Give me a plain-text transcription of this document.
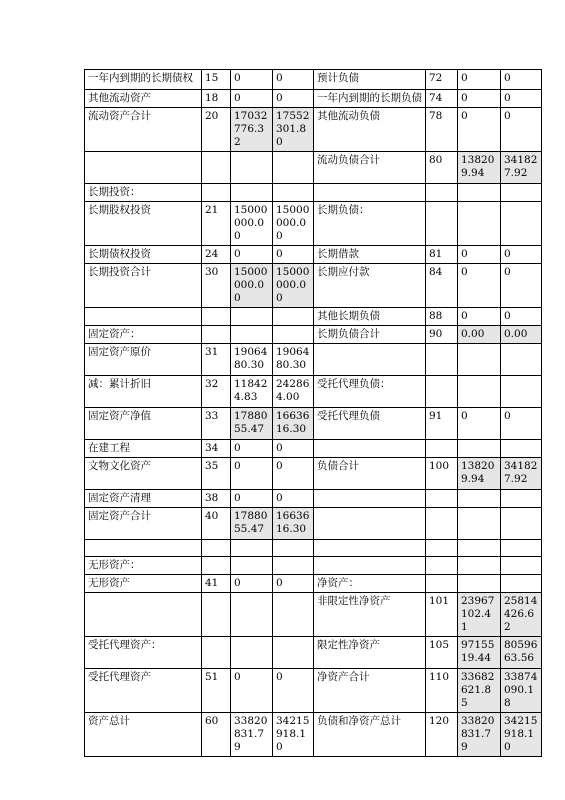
一年内到期的长期债权	15	0	0	预计负债	72	0	0
其他流动资产	18	0	0	一年内到期的长期负债	74	0	0
流动资产合计	20	17032776.32	17552301.80	其他流动负债	78	0	0
				流动负债合计	80	138209.94	341827.92
长期投资：							
长期股权投资	21	15000000.00	15000000.00	长期负债：			
长期债权投资	24	0	0	长期借款	81	0	0
长期投资合计	30	15000000.00	15000000.00	长期应付款	84	0	0
				其他长期负债	88	0	0
固定资产：				长期负债合计	90	0.00	0.00
固定资产原价	31	1906480.30	1906480.30				
减：累计折旧	32	118424.83	242864.00	受托代理负债：			
固定资产净值	33	1788055.47	1663616.30	受托代理负债	91	0	0
在建工程	34	0	0				
文物文化资产	35	0	0	负债合计	100	138209.94	341827.92
固定资产清理	38	0	0				
固定资产合计	40	1788055.47	1663616.30				

无形资产：							
无形资产	41	0	0	净资产：			
				非限定性净资产	101	23967102.41	25814426.62
受托代理资产：				限定性净资产	105	9715519.44	8059663.56
受托代理资产	51	0	0	净资产合计	110	33682621.85	33874090.18
资产总计	60	33820831.79	34215918.10	负债和净资产总计	120	33820831.79	34215918.10
